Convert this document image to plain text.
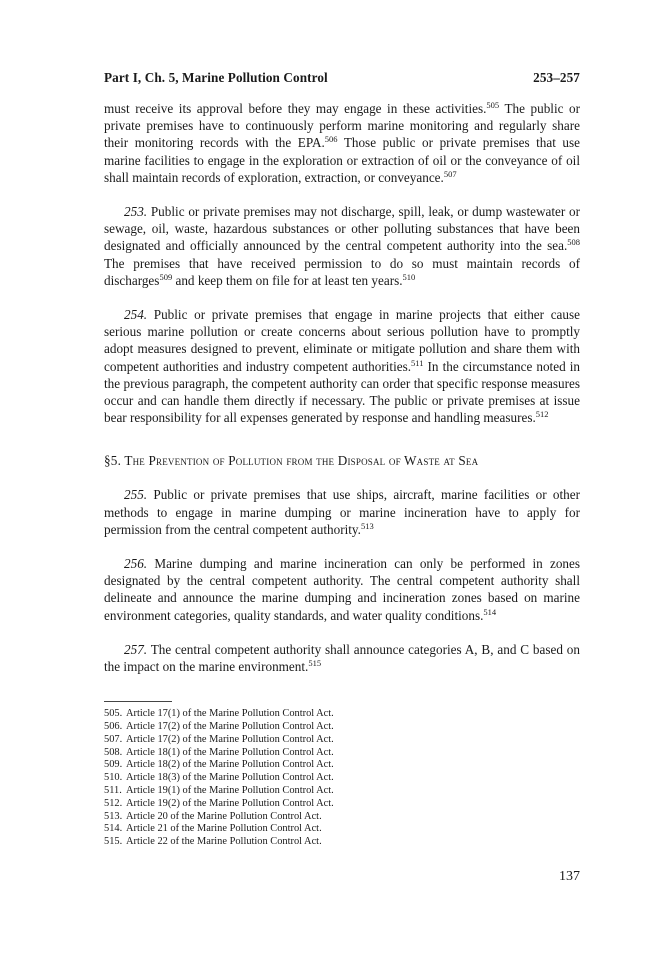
Part I, Ch. 5, Marine Pollution Control	253–257

must receive its approval before they may engage in these activities.$^{505}$ The public or private premises have to continuously perform marine monitoring and regularly share their monitoring records with the EPA.$^{506}$ Those public or private premises that use marine facilities to engage in the exploration or extraction of oil or the conveyance of oil shall maintain records of exploration, extraction, or conveyance.$^{507}$

253. Public or private premises may not discharge, spill, leak, or dump wastewater or sewage, oil, waste, hazardous substances or other polluting substances that have been designated and officially announced by the central competent authority into the sea.$^{508}$ The premises that have received permission to do so must maintain records of discharges$^{509}$ and keep them on file for at least ten years.$^{510}$

254. Public or private premises that engage in marine projects that either cause serious marine pollution or create concerns about serious pollution have to promptly adopt measures designed to prevent, eliminate or mitigate pollution and share them with competent authorities and industry competent authorities.$^{511}$ In the circumstance noted in the previous paragraph, the competent authority can order that specific response measures occur and can handle them directly if necessary. The public or private premises at issue bear responsibility for all expenses generated by response and handling measures.$^{512}$

§5. The Prevention of Pollution from the Disposal of Waste at Sea

255. Public or private premises that use ships, aircraft, marine facilities or other methods to engage in marine dumping or marine incineration have to apply for permission from the central competent authority.$^{513}$

256. Marine dumping and marine incineration can only be performed in zones designated by the central competent authority. The central competent authority shall delineate and announce the marine dumping and incineration zones based on marine environment categories, quality standards, and water quality conditions.$^{514}$

257. The central competent authority shall announce categories A, B, and C based on the impact on the marine environment.$^{515}$

505. Article 17(1) of the Marine Pollution Control Act.
506. Article 17(2) of the Marine Pollution Control Act.
507. Article 17(2) of the Marine Pollution Control Act.
508. Article 18(1) of the Marine Pollution Control Act.
509. Article 18(2) of the Marine Pollution Control Act.
510. Article 18(3) of the Marine Pollution Control Act.
511. Article 19(1) of the Marine Pollution Control Act.
512. Article 19(2) of the Marine Pollution Control Act.
513. Article 20 of the Marine Pollution Control Act.
514. Article 21 of the Marine Pollution Control Act.
515. Article 22 of the Marine Pollution Control Act.
137
